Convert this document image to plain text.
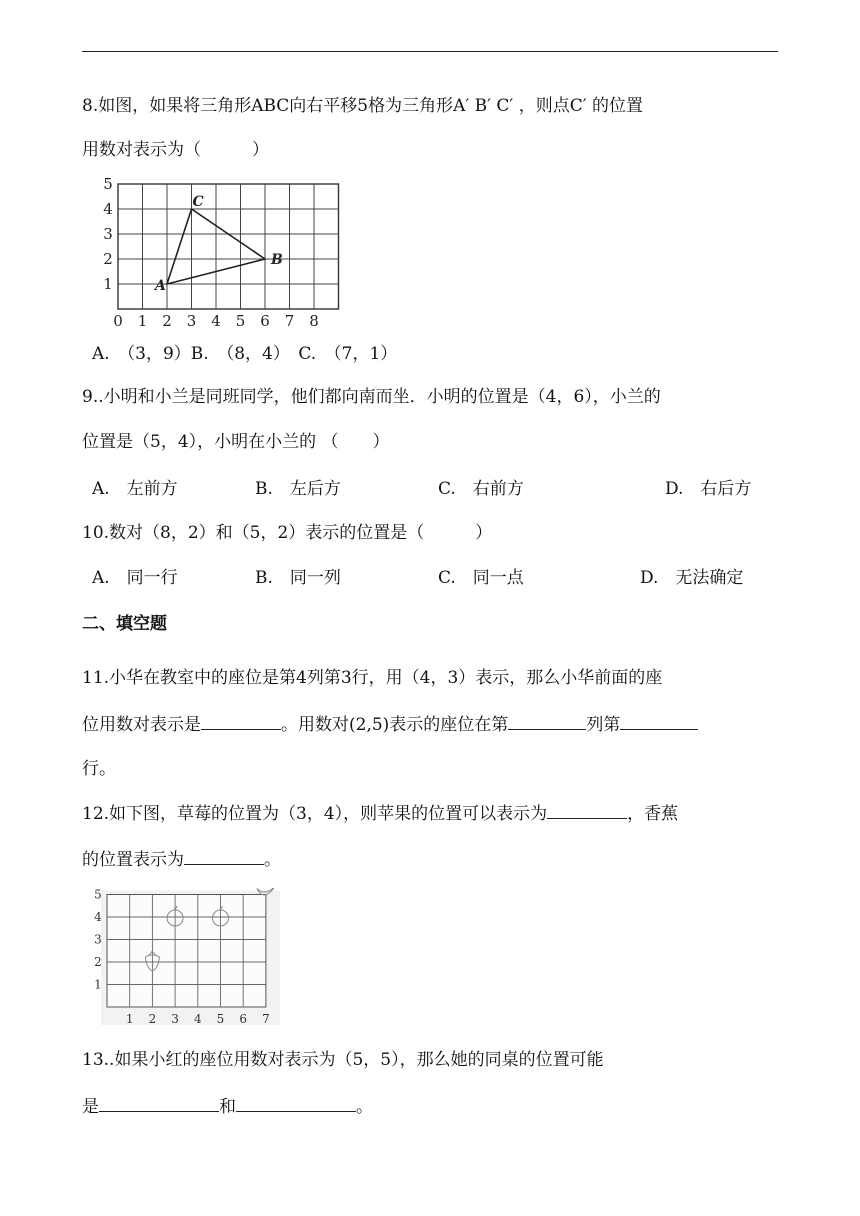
8.如图，如果将三角形ABC向右平移5格为三角形A′ B′ C′ ，则点C′ 的位置
用数对表示为（　　　）
0 1 2 3 4 5 6 7 8
1
2
3
4
5
A
B
C
A.　（3，9）B.　（8，4）　C.　（7，1）
9..小明和小兰是同班同学，他们都向南而坐．小明的位置是（4，6），小兰的
位置是（5，4），小明在小兰的 （　　）
A.　左前方	B.　左后方	C.　右前方	D.　右后方
10.数对（8，2）和（5，2）表示的位置是（　　　）
A.　同一行	B.　同一列	C.　同一点	D.　无法确定
二、填空题
11.小华在教室中的座位是第4列第3行，用（4，3）表示，那么小华前面的座
位用数对表示是	。用数对(2,5)表示的座位在第	列第
行。
12.如下图，草莓的位置为（3，4），则苹果的位置可以表示为	，香蕉
的位置表示为	。
1 2 3 4 5 6 7
1
2
3
4
5
13..如果小红的座位用数对表示为（5，5），那么她的同桌的位置可能
是	和	。
